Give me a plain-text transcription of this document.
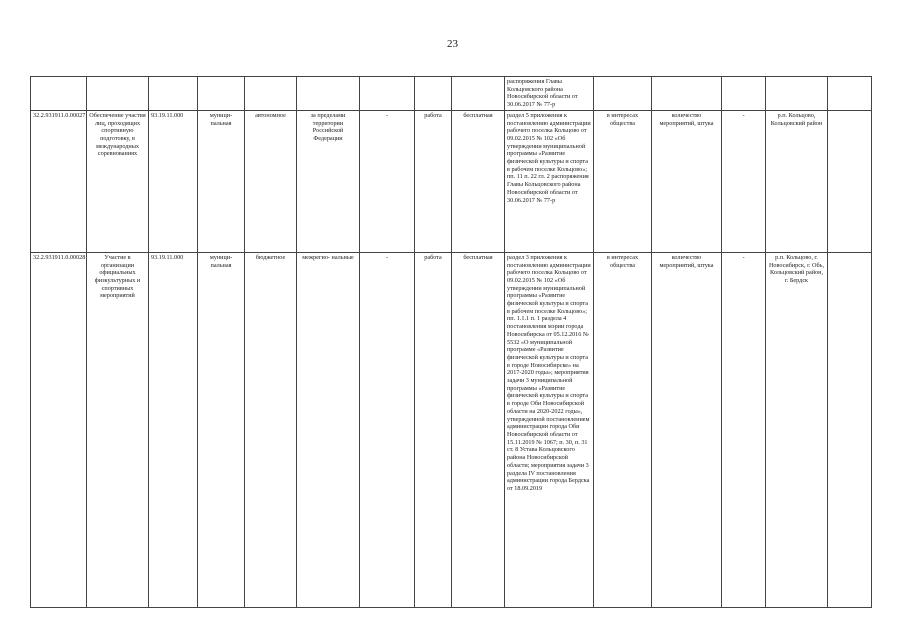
23
									распоряжения Главы Кольцовского района Новосибирской области от 30.06.2017 № 77-р					
32.2.931911.0.00027	Обеспечение участия лиц, проходящих спортивную подготовку, в международных соревнованиях	93.19.11.000	муници- пальная	автономное	за пределами территории Российской Федерации	-	работа	бесплатная	раздел 5 приложения к постановлению администрации рабочего поселка Кольцово от 09.02.2015 № 102 «Об утверждении муниципальной программы «Развитие физической культуры и спорта в рабочем поселке Кольцово»; пп. 11 п. 22 гл. 2 распоряжения Главы Кольцовского района Новосибирской области от 30.06.2017 № 77-р	в интересах общества	количество мероприятий, штука	-	р.п. Кольцово, Кольцовский район	
32.2.931911.0.00028	Участие в организации официальных физкультурных и спортивных мероприятий	93.19.11.000	муници- пальная	бюджетное	межрегио- нальные	-	работа	бесплатная	раздел 3 приложения к постановлению администрации рабочего поселка Кольцово от 09.02.2015 № 102 «Об утверждении муниципальной программы «Развитие физической культуры и спорта в рабочем поселке Кольцово»; пп. 1.1.1 п. 1 раздела 4 постановления мэрии города Новосибирска от 05.12.2016 № 5532 «О муниципальной программе «Развитие физической культуры и спорта в городе Новосибирске» на 2017-2020 годы»; мероприятия задачи 3 муниципальной программы «Развитие физической культуры и спорта в городе Оби Новосибирской области на 2020-2022 годы», утвержденной постановлением администрации города Оби Новосибирской области от 15.11.2019 № 1067; п. 30, п. 31 ст. 8 Устава Кольцовского района Новосибирской области; мероприятия задачи 3 раздела IV постановления администрации города Бердска от 18.09.2019	в интересах общества	количество мероприятий, штука	-	р.п. Кольцово, г. Новосибирск, г. Обь, Кольцовский район, г. Бердск	
